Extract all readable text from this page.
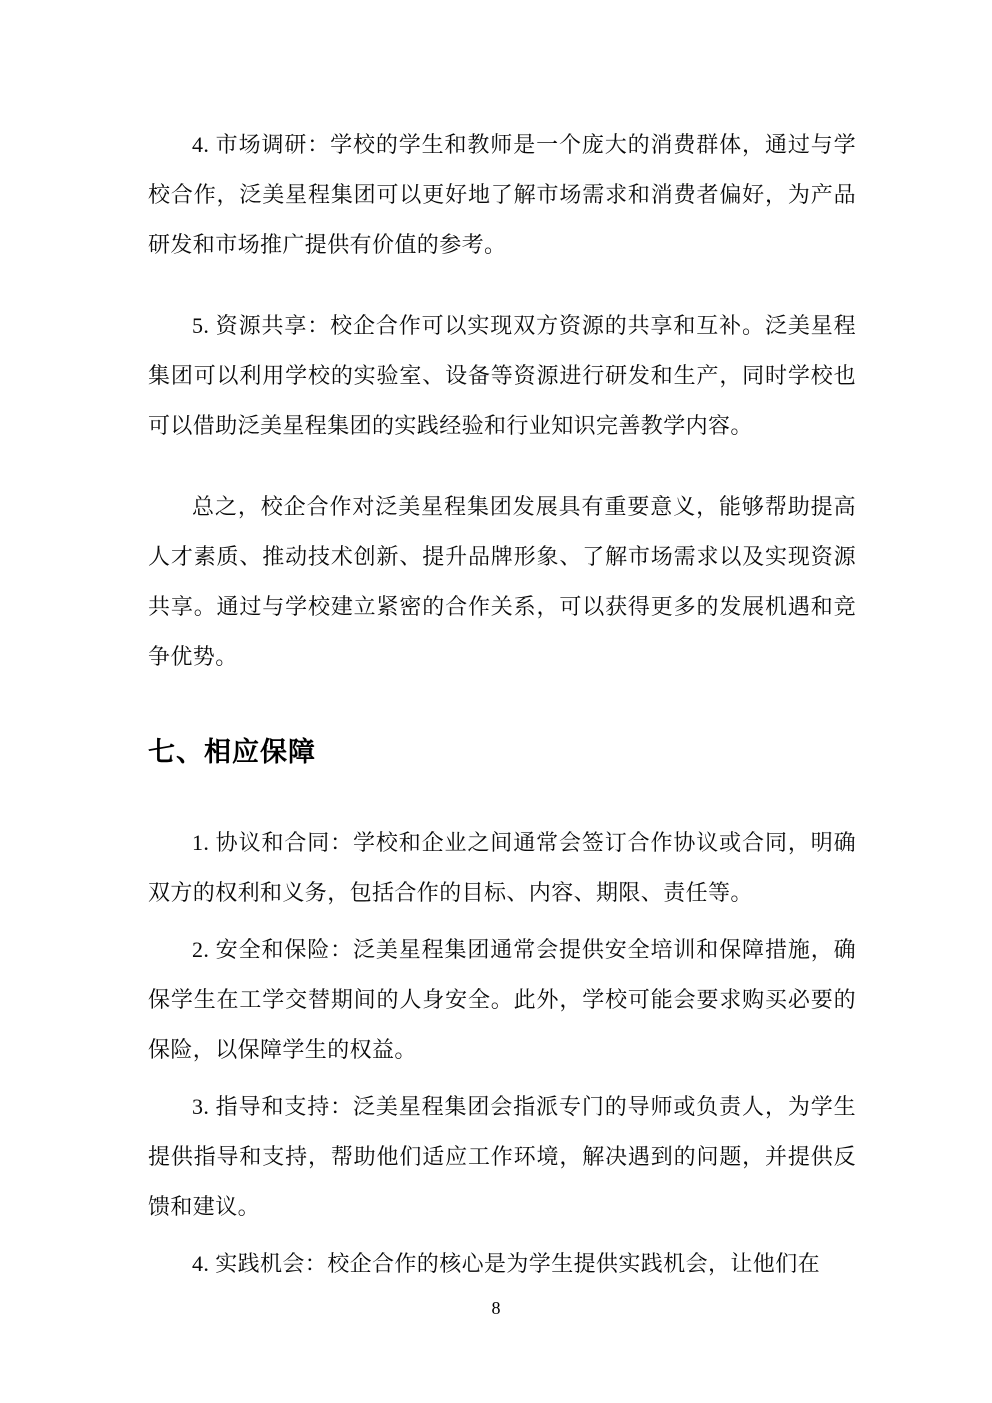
4. 市场调研：学校的学生和教师是一个庞大的消费群体，通过与学校合作，泛美星程集团可以更好地了解市场需求和消费者偏好，为产品研发和市场推广提供有价值的参考。

5. 资源共享：校企合作可以实现双方资源的共享和互补。泛美星程集团可以利用学校的实验室、设备等资源进行研发和生产，同时学校也可以借助泛美星程集团的实践经验和行业知识完善教学内容。

总之，校企合作对泛美星程集团发展具有重要意义，能够帮助提高人才素质、推动技术创新、提升品牌形象、了解市场需求以及实现资源共享。通过与学校建立紧密的合作关系，可以获得更多的发展机遇和竞争优势。

七、相应保障

1. 协议和合同：学校和企业之间通常会签订合作协议或合同，明确双方的权利和义务，包括合作的目标、内容、期限、责任等。

2. 安全和保险：泛美星程集团通常会提供安全培训和保障措施，确保学生在工学交替期间的人身安全。此外，学校可能会要求购买必要的保险，以保障学生的权益。

3. 指导和支持：泛美星程集团会指派专门的导师或负责人，为学生提供指导和支持，帮助他们适应工作环境，解决遇到的问题，并提供反馈和建议。

4. 实践机会：校企合作的核心是为学生提供实践机会，让他们在

8
